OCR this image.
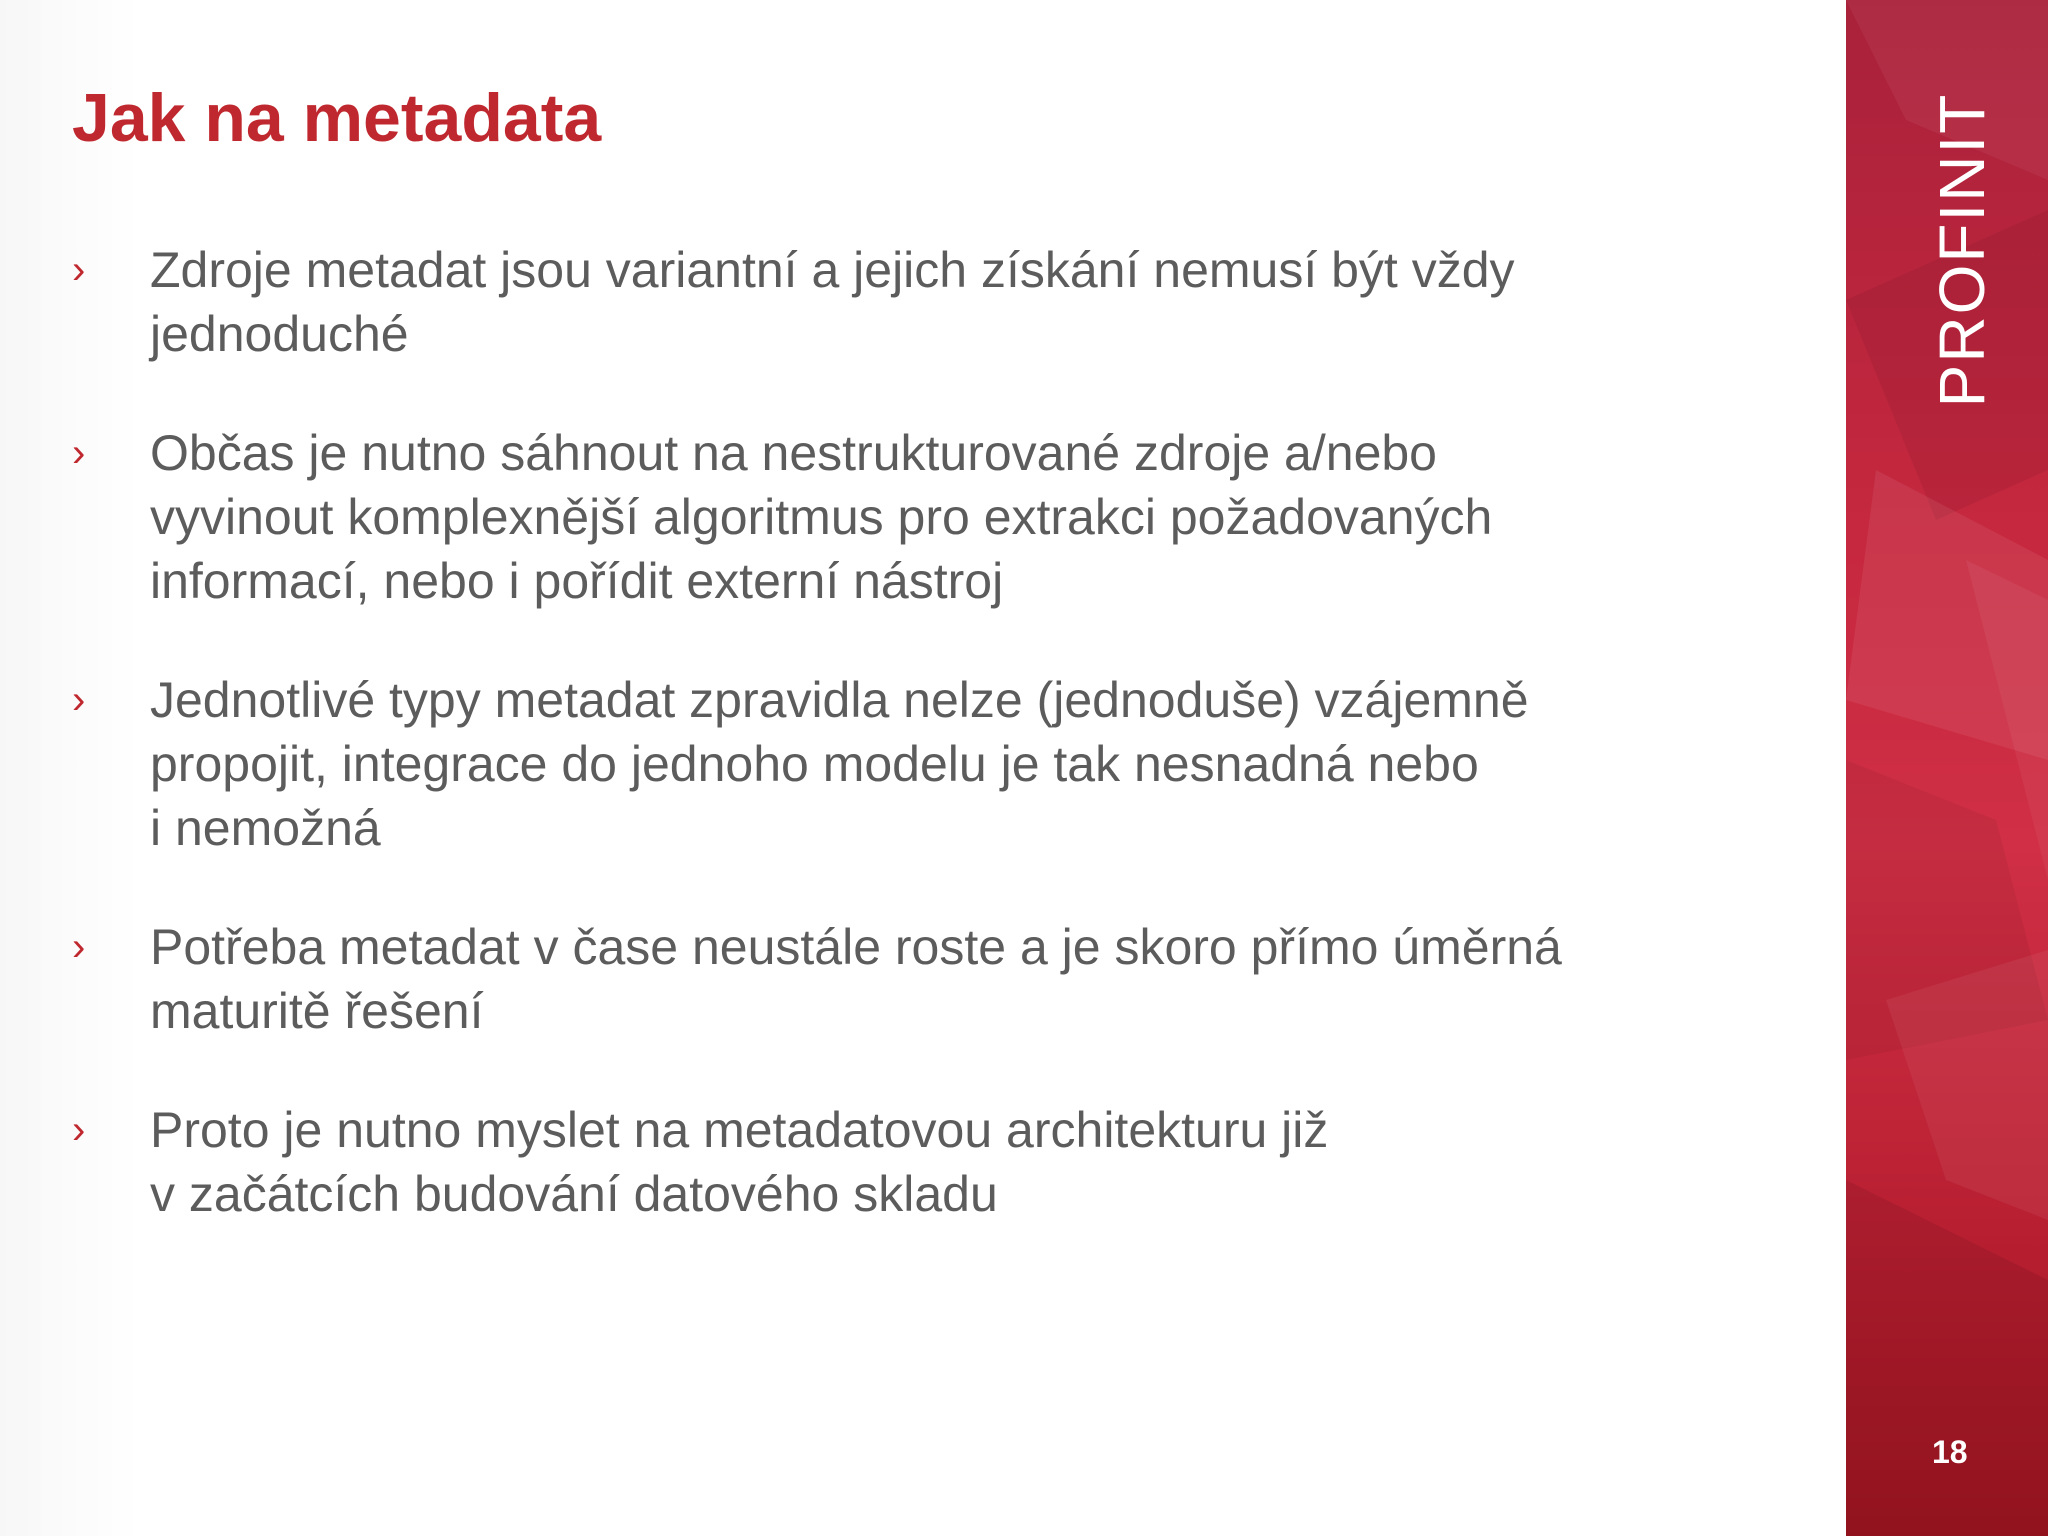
Jak na metadata
›	Zdroje metadat jsou variantní a jejich získání nemusí být vždy
jednoduché
›	Občas je nutno sáhnout na nestrukturované zdroje a/nebo
vyvinout komplexnější algoritmus pro extrakci požadovaných
informací, nebo i pořídit externí nástroj
›	Jednotlivé typy metadat zpravidla nelze (jednoduše) vzájemně
propojit, integrace do jednoho modelu je tak nesnadná nebo
i nemožná
›	Potřeba metadat v čase neustále roste a je skoro přímo úměrná
maturitě řešení
›	Proto je nutno myslet na metadatovou architekturu již
v začátcích budování datového skladu
PROFINIT
18
